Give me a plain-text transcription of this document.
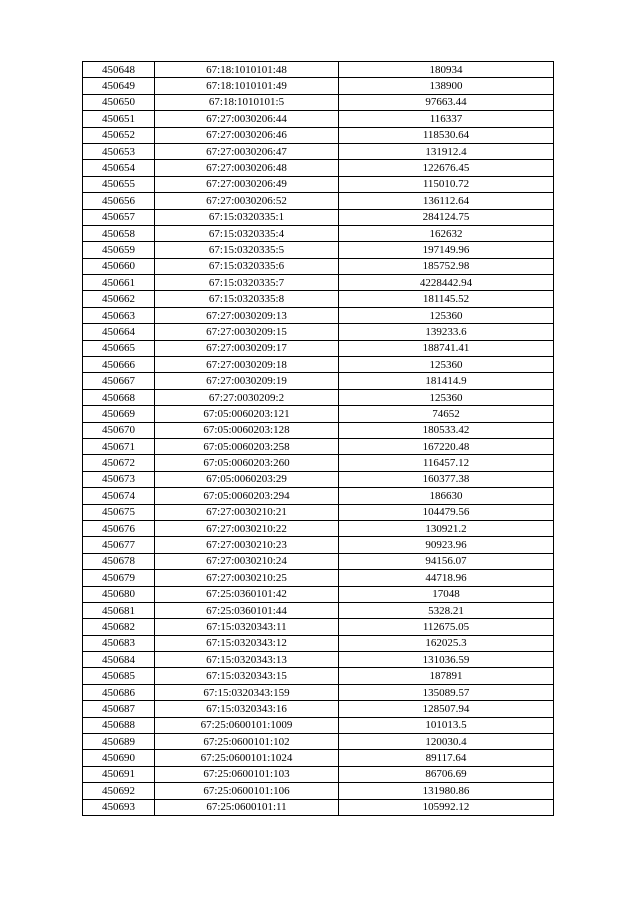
450648	67:18:1010101:48	180934
450649	67:18:1010101:49	138900
450650	67:18:1010101:5	97663.44
450651	67:27:0030206:44	116337
450652	67:27:0030206:46	118530.64
450653	67:27:0030206:47	131912.4
450654	67:27:0030206:48	122676.45
450655	67:27:0030206:49	115010.72
450656	67:27:0030206:52	136112.64
450657	67:15:0320335:1	284124.75
450658	67:15:0320335:4	162632
450659	67:15:0320335:5	197149.96
450660	67:15:0320335:6	185752.98
450661	67:15:0320335:7	4228442.94
450662	67:15:0320335:8	181145.52
450663	67:27:0030209:13	125360
450664	67:27:0030209:15	139233.6
450665	67:27:0030209:17	188741.41
450666	67:27:0030209:18	125360
450667	67:27:0030209:19	181414.9
450668	67:27:0030209:2	125360
450669	67:05:0060203:121	74652
450670	67:05:0060203:128	180533.42
450671	67:05:0060203:258	167220.48
450672	67:05:0060203:260	116457.12
450673	67:05:0060203:29	160377.38
450674	67:05:0060203:294	186630
450675	67:27:0030210:21	104479.56
450676	67:27:0030210:22	130921.2
450677	67:27:0030210:23	90923.96
450678	67:27:0030210:24	94156.07
450679	67:27:0030210:25	44718.96
450680	67:25:0360101:42	17048
450681	67:25:0360101:44	5328.21
450682	67:15:0320343:11	112675.05
450683	67:15:0320343:12	162025.3
450684	67:15:0320343:13	131036.59
450685	67:15:0320343:15	187891
450686	67:15:0320343:159	135089.57
450687	67:15:0320343:16	128507.94
450688	67:25:0600101:1009	101013.5
450689	67:25:0600101:102	120030.4
450690	67:25:0600101:1024	89117.64
450691	67:25:0600101:103	86706.69
450692	67:25:0600101:106	131980.86
450693	67:25:0600101:11	105992.12
